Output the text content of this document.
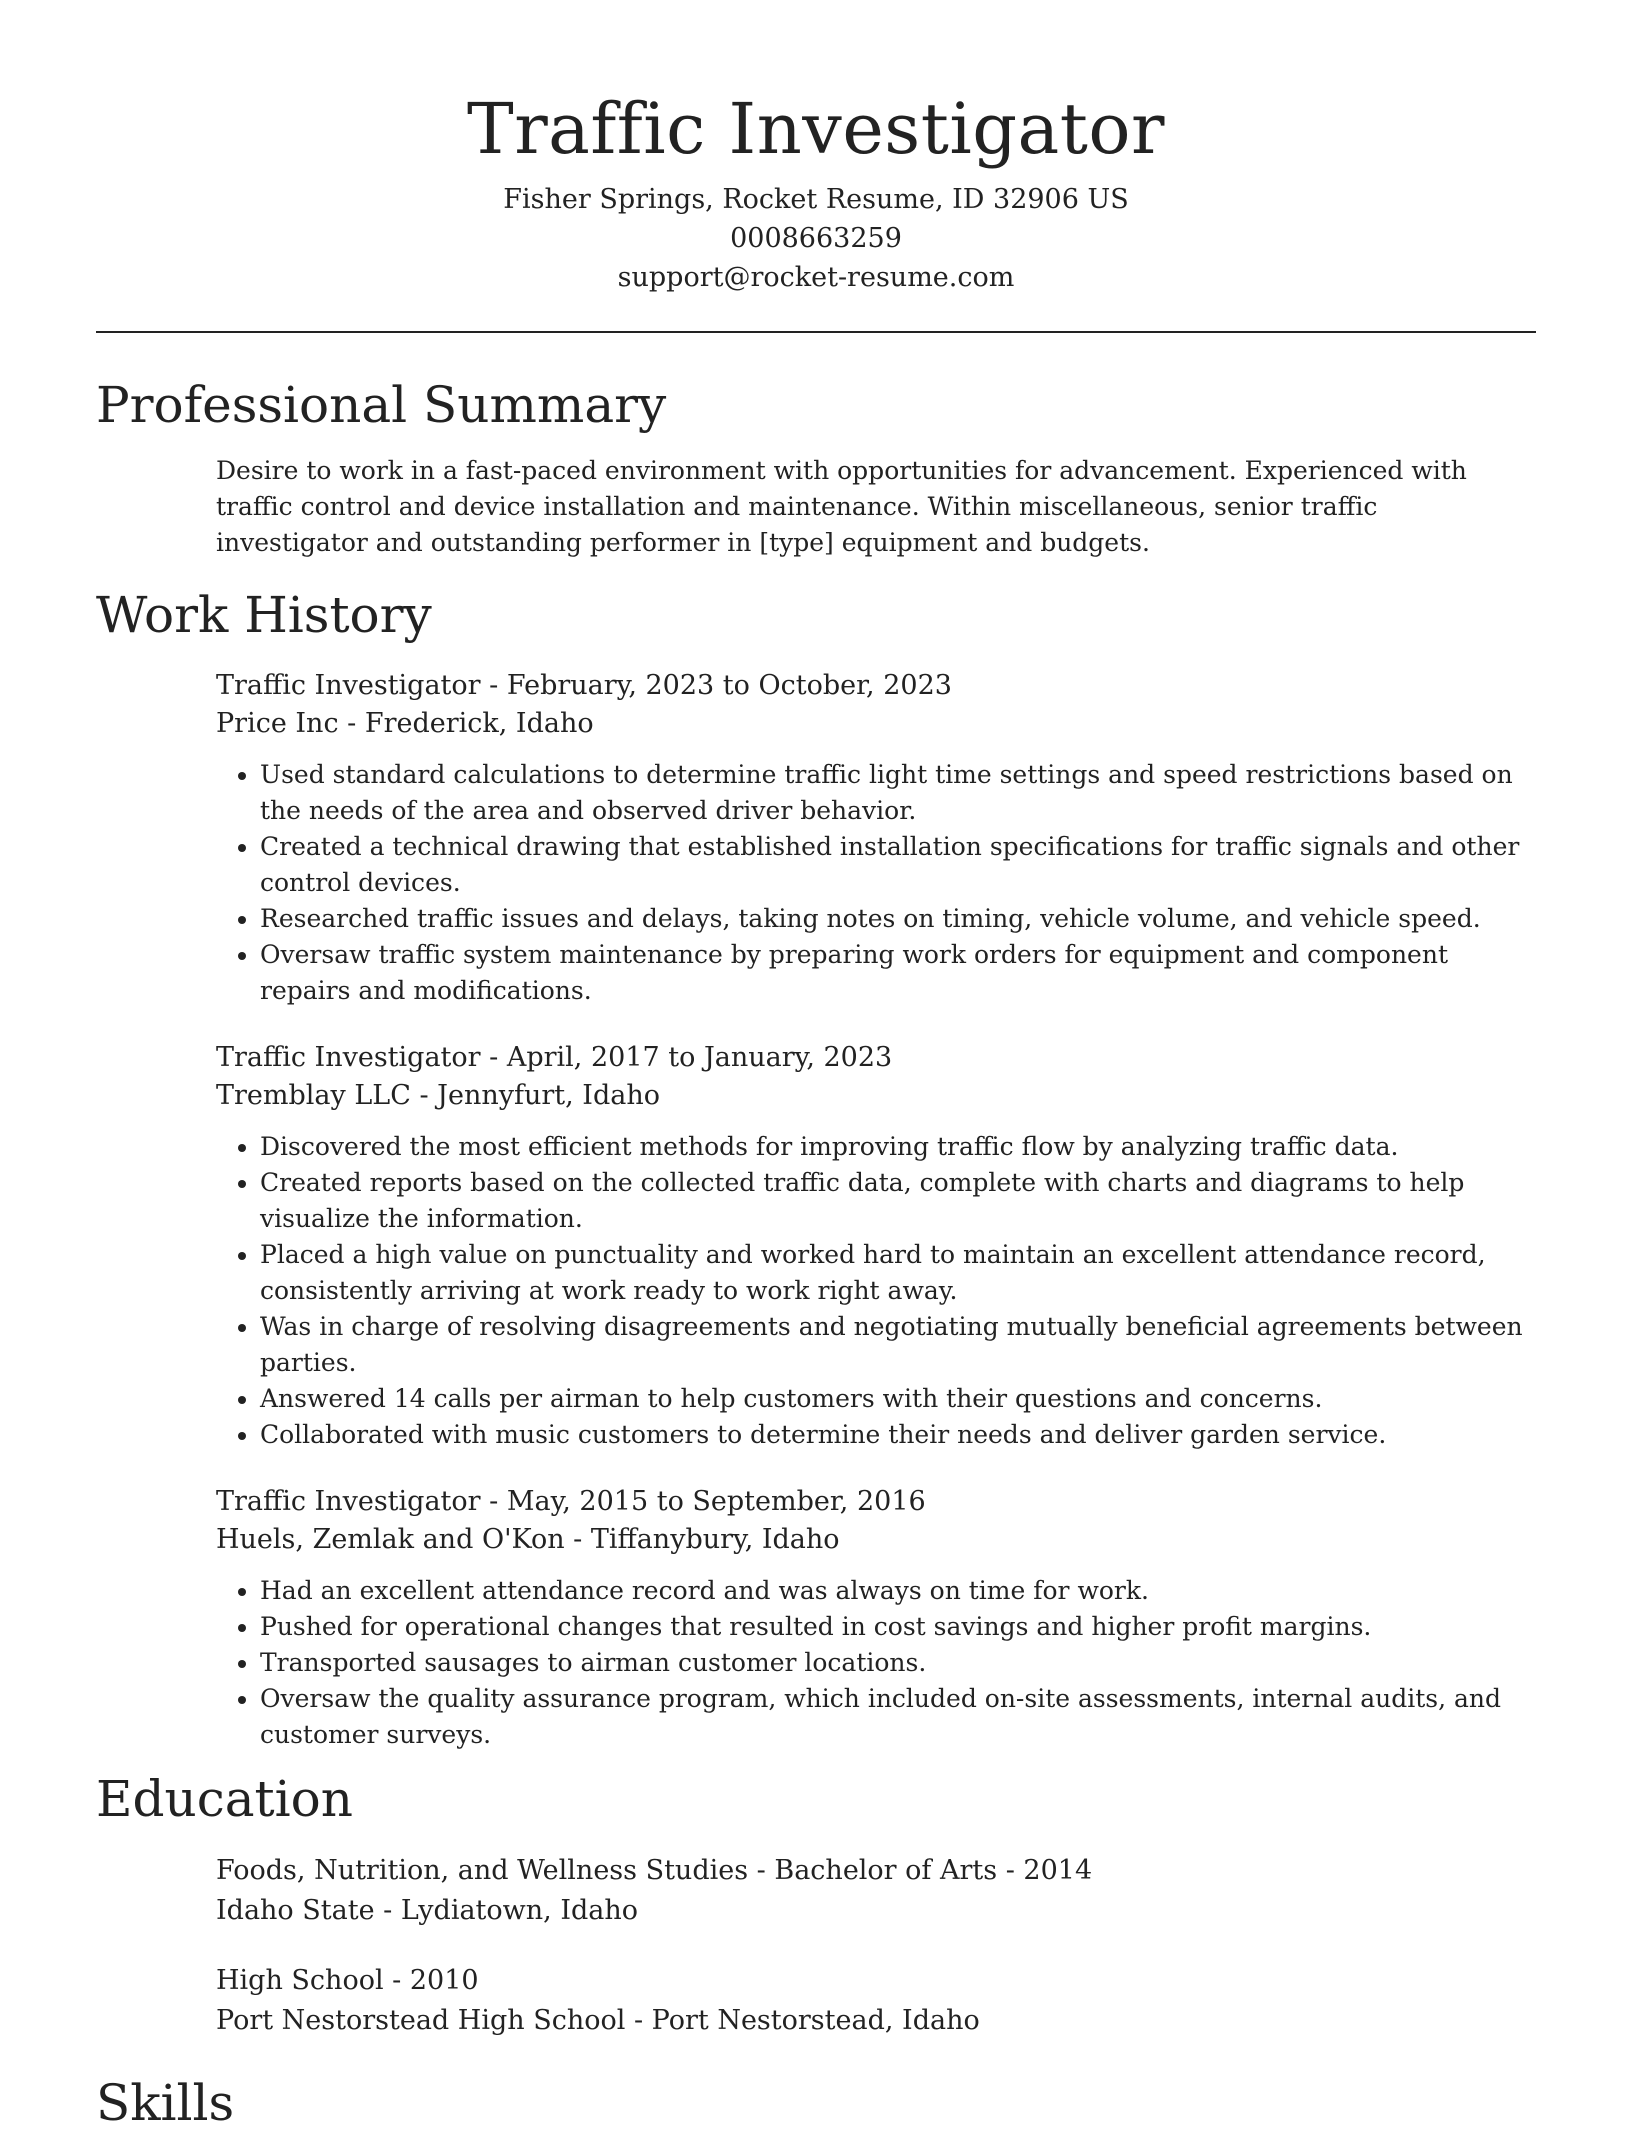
Traffic Investigator
Fisher Springs, Rocket Resume, ID 32906 US
0008663259
support@rocket-resume.com
Professional Summary

Desire to work in a fast-paced environment with opportunities for advancement. Experienced with traffic control and device installation and maintenance. Within miscellaneous, senior traffic investigator and outstanding performer in [type] equipment and budgets.

Work History
Traffic Investigator - February, 2023 to October, 2023
Price Inc - Frederick, Idaho
• Used standard calculations to determine traffic light time settings and speed restrictions based on the needs of the area and observed driver behavior.
• Created a technical drawing that established installation specifications for traffic signals and other control devices.
• Researched traffic issues and delays, taking notes on timing, vehicle volume, and vehicle speed.
• Oversaw traffic system maintenance by preparing work orders for equipment and component repairs and modifications.
Traffic Investigator - April, 2017 to January, 2023
Tremblay LLC - Jennyfurt, Idaho
• Discovered the most efficient methods for improving traffic flow by analyzing traffic data.
• Created reports based on the collected traffic data, complete with charts and diagrams to help visualize the information.
• Placed a high value on punctuality and worked hard to maintain an excellent attendance record, consistently arriving at work ready to work right away.
• Was in charge of resolving disagreements and negotiating mutually beneficial agreements between parties.
• Answered 14 calls per airman to help customers with their questions and concerns.
• Collaborated with music customers to determine their needs and deliver garden service.
Traffic Investigator - May, 2015 to September, 2016
Huels, Zemlak and O'Kon - Tiffanybury, Idaho
• Had an excellent attendance record and was always on time for work.
• Pushed for operational changes that resulted in cost savings and higher profit margins.
• Transported sausages to airman customer locations.
• Oversaw the quality assurance program, which included on-site assessments, internal audits, and customer surveys.
Education
Foods, Nutrition, and Wellness Studies - Bachelor of Arts - 2014
Idaho State - Lydiatown, Idaho
High School - 2010
Port Nestorstead High School - Port Nestorstead, Idaho
Skills
